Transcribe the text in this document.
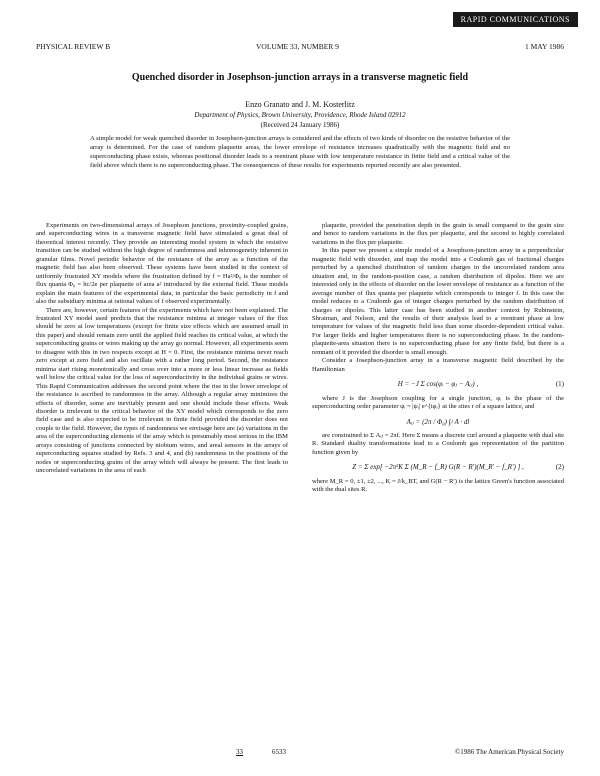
RAPID COMMUNICATIONS
PHYSICAL REVIEW B	VOLUME 33, NUMBER 9	1 MAY 1986
Quenched disorder in Josephson-junction arrays in a transverse magnetic field
Enzo Granato and J. M. Kosterlitz
Department of Physics, Brown University, Providence, Rhode Island 02912
(Received 24 January 1986)
A simple model for weak quenched disorder in Josephson-junction arrays is considered and the effects of two kinds of disorder on the resistive behavior of the array is determined. For the case of random plaquette areas, the lower envelope of resistance increases quadratically with the magnetic field and no superconducting phase exists, whereas positional disorder leads to a reentrant phase with low temperature resistance in finite field and a critical value of the field above which there is no superconducting phase. The consequences of these results for experiments reported recently are also presented.

Experiments on two-dimensional arrays of Josephson junctions, proximity-coupled grains, and superconducting wires in a transverse magnetic field have stimulated a great deal of theoretical interest recently. They provide an interesting model system in which the resistive transition can be studied without the high degree of randomness and inhomogeneity inherent in granular films. Novel periodic behavior of the resistance of the array as a function of the magnetic field has also been observed. These systems have been studied in the context of uniformly frustrated XY models where the frustration defined by f = Ha²/Φ₀ is the number of flux quanta Φ₀ = hc/2e per plaquette of area a² introduced by the external field. These models explain the main features of the experimental data, in particular the basic periodicity in f and also the subsidiary minima at rational values of f observed experimentally.

There are, however, certain features of the experiments which have not been explained. The frustrated XY model used predicts that the resistance minima at integer values of the flux should be zero at low temperatures (except for finite size effects which are assumed small in this paper) and should remain zero until the applied field reaches its critical value, at which the superconducting grains or wires making up the array go normal. However, all experiments seem to disagree with this in two respects except at H = 0. First, the resistance minima never reach zero except at zero field and also oscillate with a rather long period. Second, the resistance minima start rising monotonically and cross over into a more or less linear increase as fields well below the critical value for the loss of superconductivity in the individual grains or wires. This Rapid Communication addresses the second point where the rise in the lower envelope of the resistance is ascribed to randomness in the array. Although a regular array minimizes the effects of disorder, some are inevitably present and one should include these effects. Weak disorder is irrelevant to the critical behavior of the XY model which corresponds to the zero field case and is also expected to be irrelevant in finite field provided the disorder does not couple to the field. However, the types of randomness we envisage here are (a) variations in the area of the superconducting elements of the array which is presumably most serious in the IBM arrays consisting of junctions connected by niobium wires, and areal sensors in the arrays of superconducting squares studied by Refs. 3 and 4, and (b) randomness in the positions of the nodes or superconducting grains of the array which will always be present. The first leads to uncorrelated variations in the area of each

plaquette, provided the penetration depth in the grain is small compared to the grain size and hence to random variations in the flux per plaquette, and the second to highly correlated variations in the flux per plaquette.

In this paper we present a simple model of a Josephson-junction array in a perpendicular magnetic field with disorder, and map the model into a Coulomb gas of fractional charges perturbed by a quenched distribution of random charges in the uncorrelated random area situation and, in the random-position case, a random distribution of dipoles. Here we are interested only in the effects of disorder on the lower envelope of resistance as a function of the average number of flux quanta per plaquette which corresponds to integer f. In this case the model reduces to a Coulomb gas of integer charges perturbed by the random distribution of charges or dipoles. This latter case has been studied in another context by Rubinstein, Shraiman, and Nelson, and the results of their analysis lead to a reentrant phase at low temperature for values of the magnetic field less than some disorder-dependent critical value. For larger fields and higher temperatures there is no superconducting phase. In the random-plaquette-area situation there is no superconducting phase for any finite field, but there is a remnant of it provided the disorder is small enough.

Consider a Josephson-junction array in a transverse magnetic field described by the Hamiltonian

H = −J Σ cos(φᵢ − φⱼ − Aᵢⱼ) ,	(1)

where J is the Josephson coupling for a single junction, φᵢ is the phase of the superconducting order parameter ψᵢ = |ψᵢ| e^{iφᵢ} at the sites r of a square lattice, and

Aᵢⱼ = (2π / Φ₀) ∫ᵢʲ A · dl

are constrained to Σ Aᵢⱼ = 2πf. Here Σ means a discrete curl around a plaquette with dual site R. Standard duality transformations lead to a Coulomb gas representation of the partition function given by

Z = Σ exp[ −2π²K Σ (M_R − f_R) G(R − R′)(M_R′ − f_R′) ] ,	(2)

where M_R = 0, ±1, ±2, ..., K = J/k_BT, and G(R − R′) is the lattice Green's function associated with the dual sites R.

33	6533	©1986 The American Physical Society
